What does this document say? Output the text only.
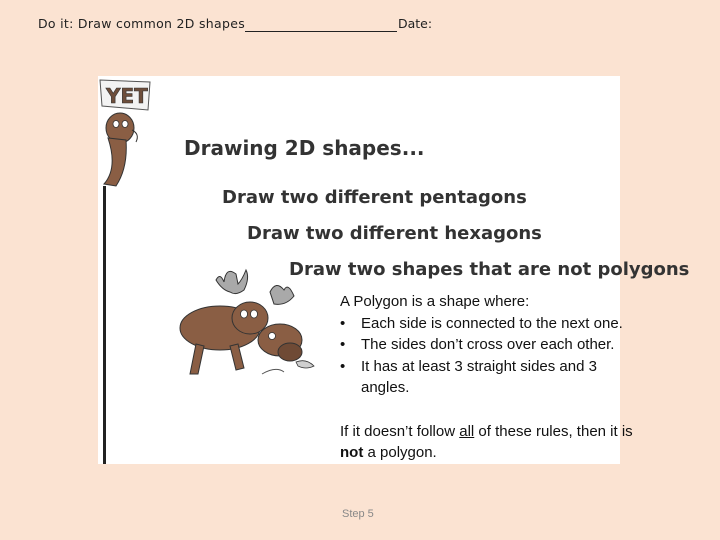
Do it: Draw common 2D shapes	Date:
YET
Drawing 2D shapes...
Draw two different pentagons
Draw two different hexagons
Draw two shapes that are not polygons

A Polygon is a shape where:

• Each side is connected to the next one.
• The sides don’t cross over each other.
• It has at least 3 straight sides and 3 angles.

If it doesn’t follow all of these rules, then it is not a polygon.

Step 5
